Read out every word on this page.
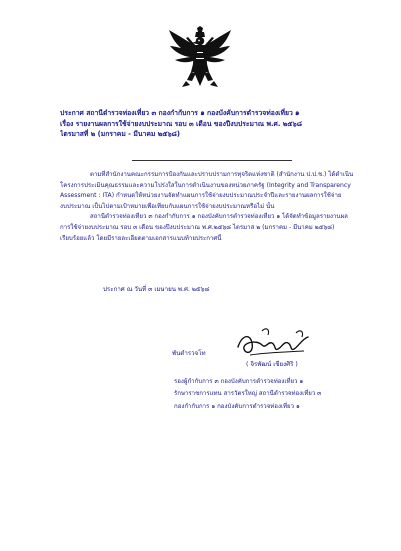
ประกาศ สถานีตำรวจท่องเที่ยว ๓ กองกำกับการ ๑ กองบังคับการตำรวจท่องเที่ยว ๑
เรื่อง รายงานผลการใช้จ่ายงบประมาณ รอบ ๓ เดือน ของปีงบประมาณ พ.ศ. ๒๕๖๘
ไตรมาสที่ ๒ (มกราคม - มีนาคม ๒๕๖๘)
ตามที่สำนักงานคณะกรรมการป้องกันและปราบปรามการทุจริตแห่งชาติ (สำนักงาน ป.ป.ช.) ได้ดำเนิน
โครงการประเมินคุณธรรมและความโปร่งใสในการดำเนินงานของหน่วยภาครัฐ (Integrity and Transparency
Assessment : ITA) กำหนดให้หน่วยงานจัดทำแผนการใช้จ่ายงบประมาณประจำปีและรายงานผลการใช้จ่าย
งบประมาณ เป็นไปตามเป้าหมายเพื่อเทียบกับแผนการใช้จ่ายงบประมาณหรือไม่ นั้น
สถานีตำรวจท่องเที่ยว ๓ กองกำกับการ ๑ กองบังคับการตำรวจท่องเที่ยว ๑ ได้จัดทำข้อมูลรายงานผล
การใช้จ่ายงบประมาณ รอบ ๓ เดือน ของปีงบประมาณ พ.ศ.๒๕๖๘ ไตรมาส ๒ (มกราคม - มีนาคม ๒๕๖๘)
เรียบร้อยแล้ว โดยมีรายละเอียดตามเอกสารแนบท้ายประกาศนี้
ประกาศ ณ วันที่ ๓ เมษายน พ.ศ. ๒๕๖๘
พันตำรวจโท
( จิรพัฒน์ เชียงศิริ )
รองผู้กำกับการ ๓ กองบังคับการตำรวจท่องเที่ยว ๑
รักษาราชการแทน สารวัตรใหญ่ สถานีตำรวจท่องเที่ยว ๓
กองกำกับการ ๑ กองบังคับการตำรวจท่องเที่ยว ๑
